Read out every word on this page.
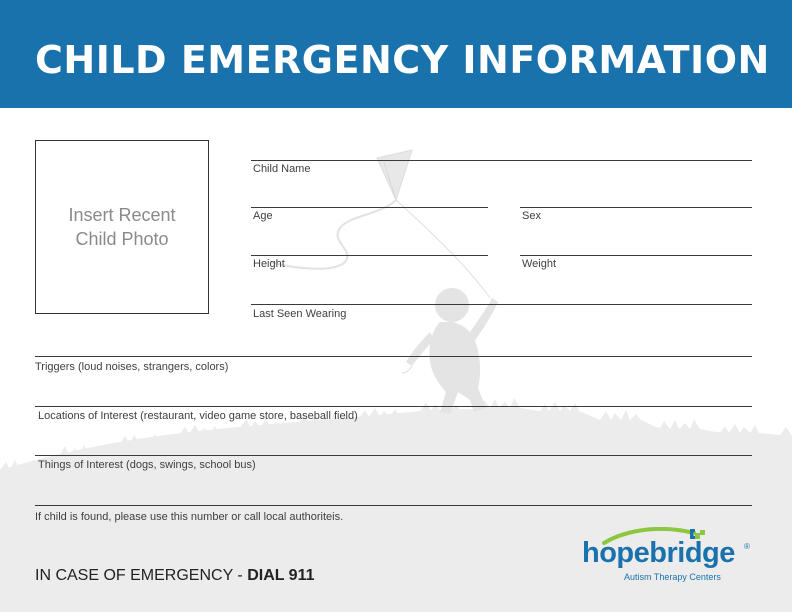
CHILD EMERGENCY INFORMATION
Insert Recent
Child Photo
Child Name
Age	Sex
Height	Weight
Last Seen Wearing
Triggers (loud noises, strangers, colors)
Locations of Interest (restaurant, video game store, baseball field)
Things of Interest (dogs, swings, school bus)
If child is found, please use this number or call local authoriteis.
IN CASE OF EMERGENCY - DIAL 911
hopebridge ®
Autism Therapy Centers
